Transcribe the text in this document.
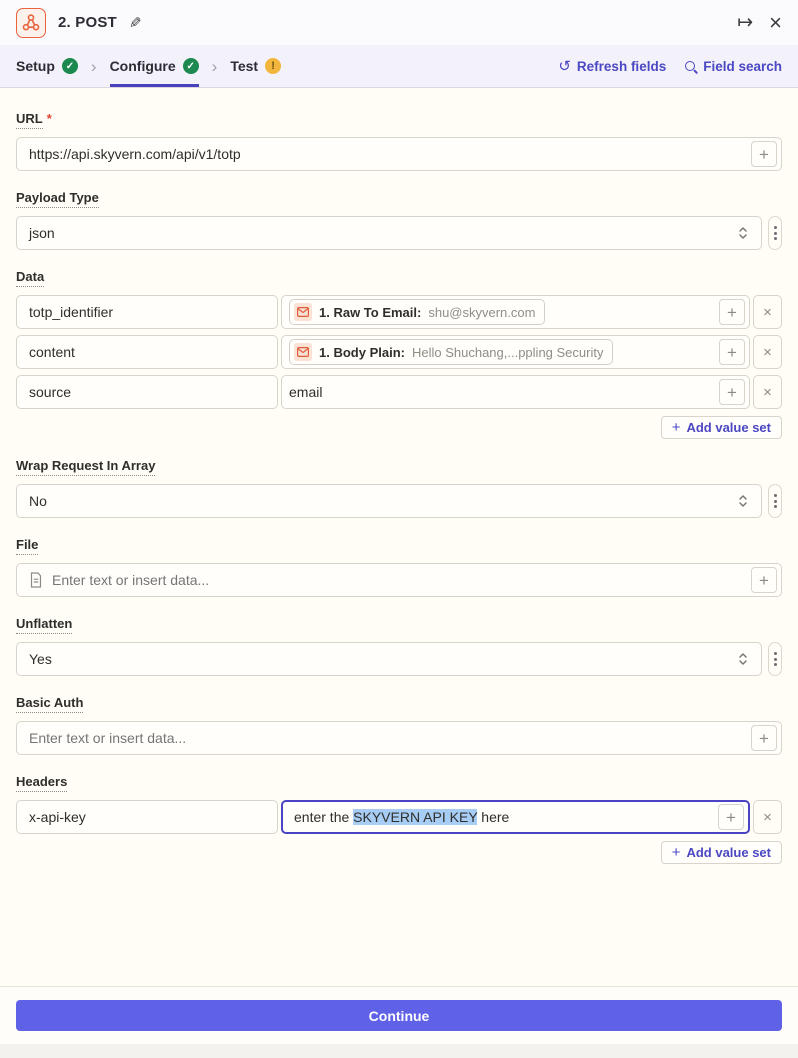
2. POST ✎	↦ ×
Setup	✓ › Configure	✓ › Test	!	↺ Refresh fields	Field search
URL *
https://api.skyvern.com/api/v1/totp
+
Payload Type
json
Data
totp_identifier
1. Raw To Email: shu@skyvern.com	+	×
content
1. Body Plain: Hello Shuchang,...ppling Security	+	×
source
email	+	×
+ Add value set
Wrap Request In Array
No
File
Enter text or insert data...
+
Unflatten
Yes
Basic Auth
Enter text or insert data...
+
Headers
x-api-key
enter the SKYVERN API KEY here	+	×
+ Add value set
Continue
